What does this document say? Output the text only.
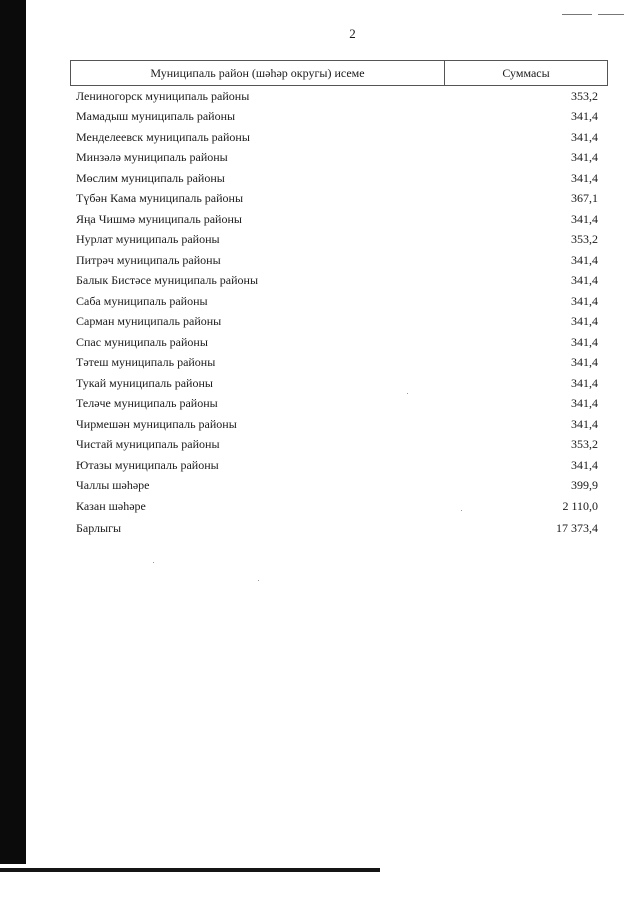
2
Муниципаль район (шәһәр округы) исеме	Суммасы
Лениногорск муниципаль районы	353,2
Мамадыш муниципаль районы	341,4
Менделеевск муниципаль районы	341,4
Минзәлә муниципаль районы	341,4
Мөслим муниципаль районы	341,4
Түбән Кама муниципаль районы	367,1
Яңа Чишмә муниципаль районы	341,4
Нурлат муниципаль районы	353,2
Питрәч муниципаль районы	341,4
Балык Бистәсе муниципаль районы	341,4
Саба муниципаль районы	341,4
Сарман муниципаль районы	341,4
Спас муниципаль районы	341,4
Тәтеш муниципаль районы	341,4
Тукай муниципаль районы	341,4
Теләче муниципаль районы	341,4
Чирмешән муниципаль районы	341,4
Чистай муниципаль районы	353,2
Ютазы муниципаль районы	341,4
Чаллы шәһәре	399,9
Казан шәһәре	2 110,0
Барлыгы	17 373,4
